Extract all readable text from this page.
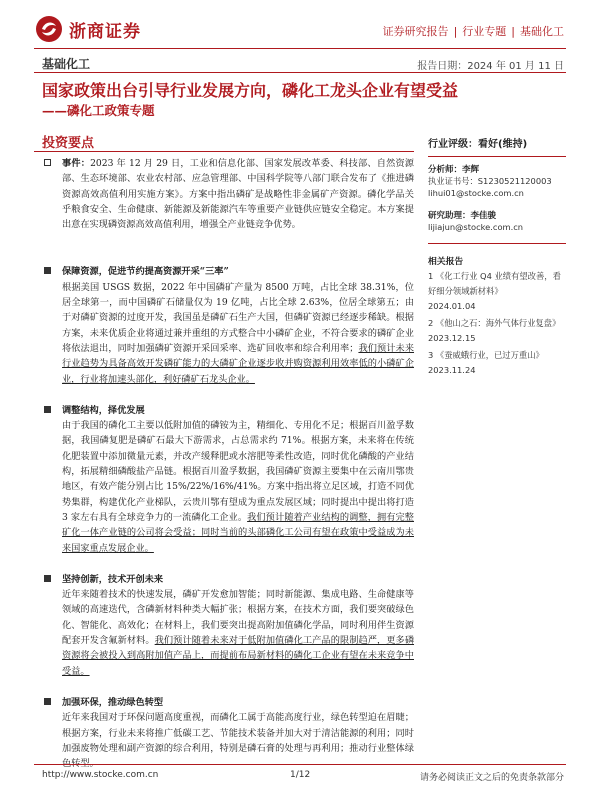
浙商证券	证券研究报告 | 行业专题 | 基础化工
基础化工	报告日期：2024 年 01 月 11 日
国家政策出台引导行业发展方向，磷化工龙头企业有望受益
——磷化工政策专题
投资要点
事件：2023 年 12 月 29 日，工业和信息化部、国家发展改革委、科技部、自然资源部、生态环境部、农业农村部、应急管理部、中国科学院等八部门联合发布了《推进磷资源高效高值利用实施方案》。方案中指出磷矿是战略性非金属矿产资源。磷化学品关乎粮食安全、生命健康、新能源及新能源汽车等重要产业链供应链安全稳定。本方案提出意在实现磷资源高效高值利用，增强全产业链竞争优势。
保障资源，促进节约提高资源开采“三率”
根据美国 USGS 数据，2022 年中国磷矿产量为 8500 万吨，占比全球 38.31%，位居全球第一，而中国磷矿石储量仅为 19 亿吨，占比全球 2.63%，位居全球第五；由于对磷矿资源的过度开发，我国虽是磷矿石生产大国，但磷矿资源已经逐步稀缺。根据方案，未来优质企业将通过兼并重组的方式整合中小磷矿企业，不符合要求的磷矿企业将依法退出，同时加强磷矿资源开采回采率、选矿回收率和综合利用率；我们预计未来行业趋势为具备高效开发磷矿能力的大磷矿企业逐步收并购资源利用效率低的小磷矿企业，行业将加速头部化，利好磷矿石龙头企业。
调整结构，择优发展
由于我国的磷化工主要以低附加值的磷铵为主，精细化、专用化不足；根据百川盈孚数据，我国磷复肥是磷矿石最大下游需求，占总需求约 71%。根据方案，未来将在传统化肥装置中添加微量元素，并改产缓释肥或水溶肥等柔性改造，同时优化磷酸的产业结构，拓展精细磷酸盐产品链。根据百川盈孚数据，我国磷矿资源主要集中在云南川鄂贵地区，有效产能分别占比 15%/22%/16%/41%。方案中指出将立足区域，打造不同优势集群，构建优化产业梯队，云贵川鄂有望成为重点发展区域；同时提出中提出将打造 3 家左右具有全球竞争力的一流磷化工企业。我们预计随着产业结构的调整，拥有完整矿化一体产业链的公司将会受益；同时当前的头部磷化工公司有望在政策中受益成为未来国家重点发展企业。
坚持创新，技术开创未来
近年来随着技术的快速发展，磷矿开发愈加智能；同时新能源、集成电路、生命健康等领域的高速迭代，含磷新材料种类大幅扩张；根据方案，在技术方面，我们要突破绿色化、智能化、高效化；在材料上，我们要突出提高附加值磷化学品，同时利用伴生资源配套开发含氟新材料。我们预计随着未来对于低附加值磷化工产品的限制趋严，更多磷资源将会被投入到高附加值产品上，而提前布局新材料的磷化工企业有望在未来竞争中受益。
加强环保，推动绿色转型
近年来我国对于环保问题高度重视，而磷化工属于高能高度行业，绿色转型迫在眉睫；根据方案，行业未来将推广低碳工艺、节能技术装备并加大对于清洁能源的利用；同时加强废物处理和副产资源的综合利用，特别是磷石膏的处理与再利用；推动行业整体绿
行业评级：看好(维持)
分析师：李辉
执业证书号：S1230521120003
lihui01@stocke.com.cn
研究助理：李佳骏
lijiajun@stocke.com.cn
相关报告
1 《化工行业 Q4 业绩有望改善，看好细分领域新材料》
2024.01.04
2 《他山之石：海外气体行业复盘》 2023.12.15
3 《蚕威蛾行业，已过万重山》 2023.11.24
http://www.stocke.com.cn	1/12	请务必阅读正文之后的免责条款部分
